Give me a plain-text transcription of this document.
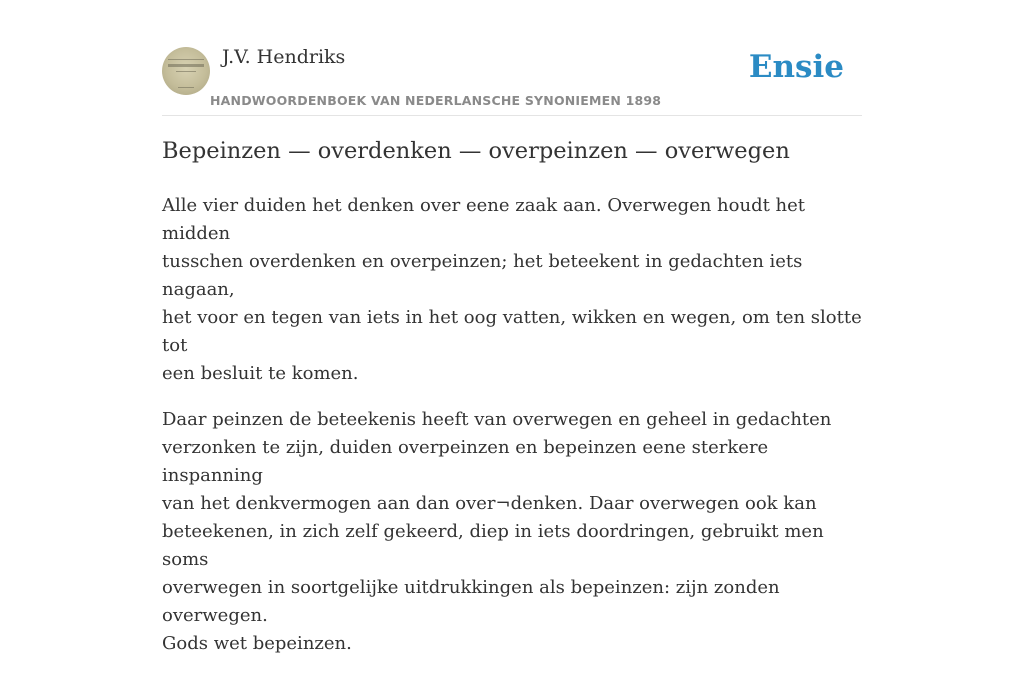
J.V. Hendriks
HANDWOORDENBOEK VAN NEDERLANSCHE SYNONIEMEN 1898
Ensie
Bepeinzen — overdenken — overpeinzen — overwegen

Alle vier duiden het denken over eene zaak aan. Overwegen houdt het midden
tusschen overdenken en overpeinzen; het beteekent in gedachten iets nagaan,
het voor en tegen van iets in het oog vatten, wikken en wegen, om ten slotte tot
een besluit te komen.

Daar peinzen de beteekenis heeft van overwegen en geheel in gedachten
verzonken te zijn, duiden overpeinzen en bepeinzen eene sterkere inspanning
van het denkvermogen aan dan over¬denken. Daar overwegen ook kan
beteekenen, in zich zelf gekeerd, diep in iets doordringen, gebruikt men soms
overwegen in soortgelijke uitdrukkingen als bepeinzen: zijn zonden overwegen.
Gods wet bepeinzen.
